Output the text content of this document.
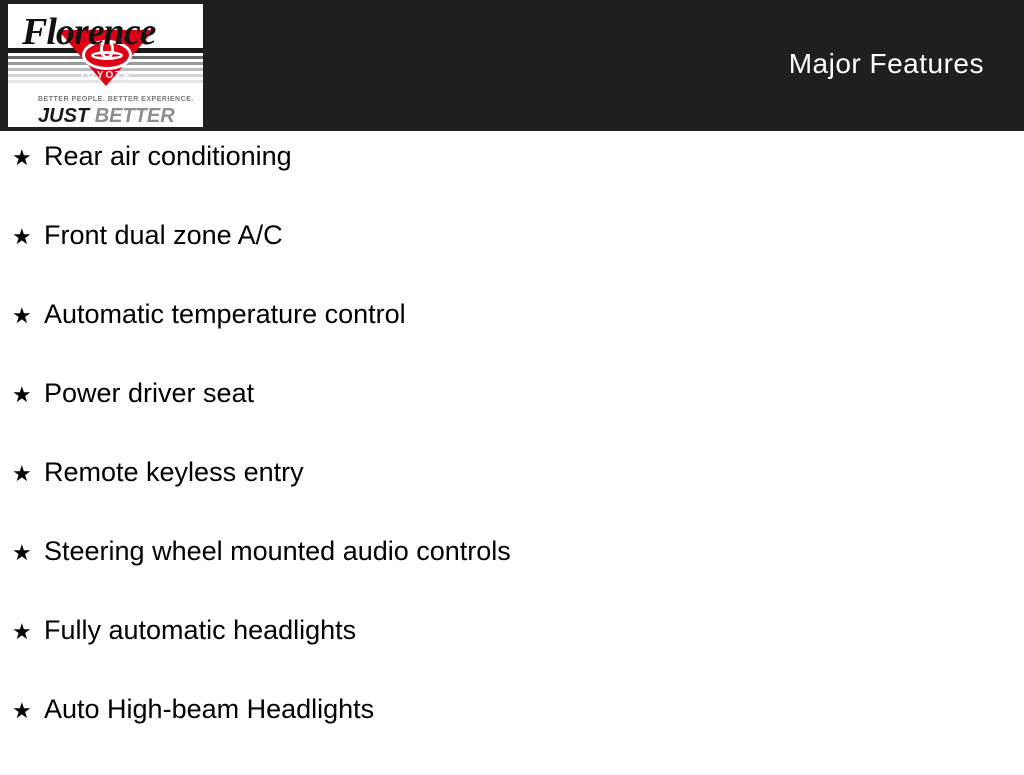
TOYOTA
Florence
BETTER PEOPLE. BETTER EXPERIENCE.
JUST BETTER
Major Features
★ Rear air conditioning
★ Front dual zone A/C
★ Automatic temperature control
★ Power driver seat
★ Remote keyless entry
★ Steering wheel mounted audio controls
★ Fully automatic headlights
★ Auto High-beam Headlights
